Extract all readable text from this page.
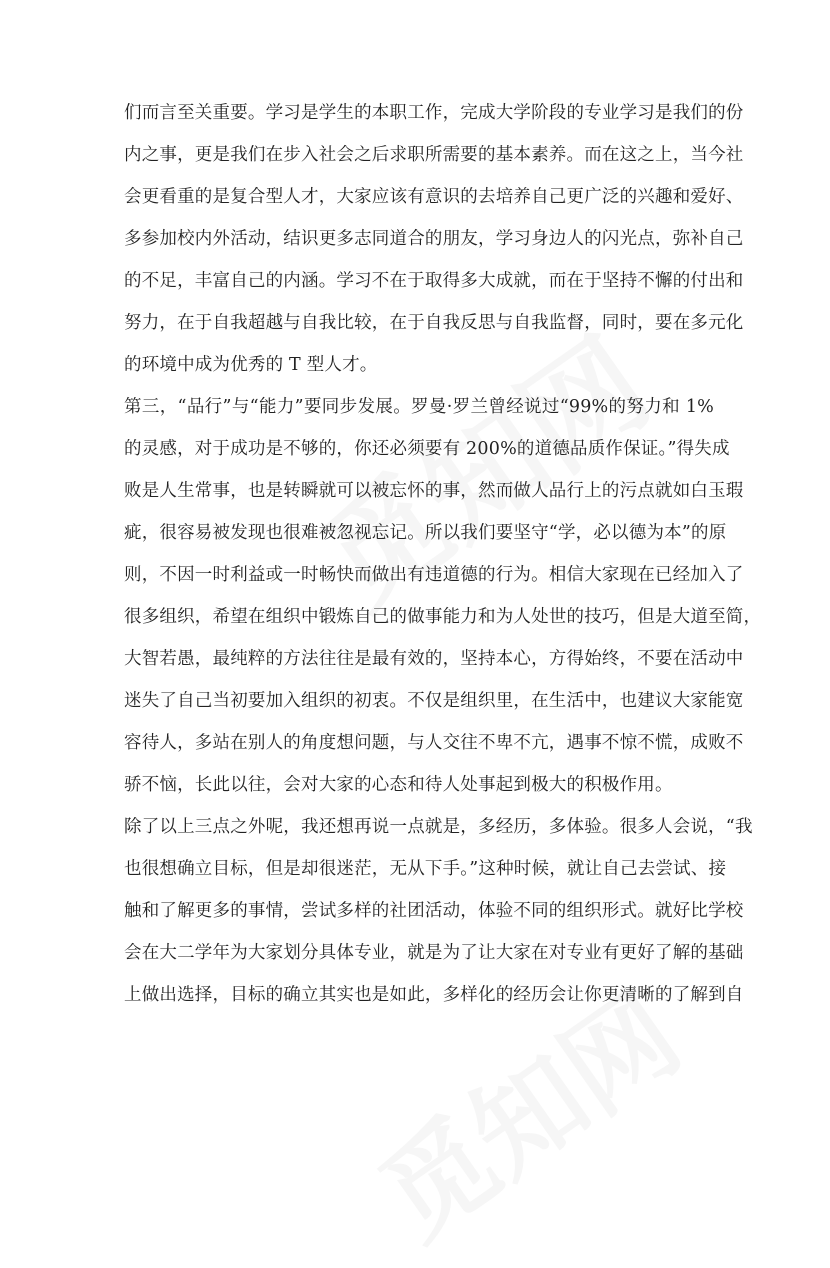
们而言至关重要。学习是学生的本职工作，完成大学阶段的专业学习是我们的份
内之事，更是我们在步入社会之后求职所需要的基本素养。而在这之上，当今社
会更看重的是复合型人才，大家应该有意识的去培养自己更广泛的兴趣和爱好、
多参加校内外活动，结识更多志同道合的朋友，学习身边人的闪光点，弥补自己
的不足，丰富自己的内涵。学习不在于取得多大成就，而在于坚持不懈的付出和
努力，在于自我超越与自我比较，在于自我反思与自我监督，同时，要在多元化
的环境中成为优秀的 T 型人才。
第三，“品行”与“能力”要同步发展。罗曼·罗兰曾经说过“99%的努力和 1%
的灵感，对于成功是不够的，你还必须要有 200%的道德品质作保证。”得失成
败是人生常事，也是转瞬就可以被忘怀的事，然而做人品行上的污点就如白玉瑕
疵，很容易被发现也很难被忽视忘记。所以我们要坚守“学，必以德为本”的原
则，不因一时利益或一时畅快而做出有违道德的行为。相信大家现在已经加入了
很多组织，希望在组织中锻炼自己的做事能力和为人处世的技巧，但是大道至简，
大智若愚，最纯粹的方法往往是最有效的，坚持本心，方得始终，不要在活动中
迷失了自己当初要加入组织的初衷。不仅是组织里，在生活中，也建议大家能宽
容待人，多站在别人的角度想问题，与人交往不卑不亢，遇事不惊不慌，成败不
骄不恼，长此以往，会对大家的心态和待人处事起到极大的积极作用。
除了以上三点之外呢，我还想再说一点就是，多经历，多体验。很多人会说，“我
也很想确立目标，但是却很迷茫，无从下手。”这种时候，就让自己去尝试、接
触和了解更多的事情，尝试多样的社团活动，体验不同的组织形式。就好比学校
会在大二学年为大家划分具体专业，就是为了让大家在对专业有更好了解的基础
上做出选择，目标的确立其实也是如此，多样化的经历会让你更清晰的了解到自
